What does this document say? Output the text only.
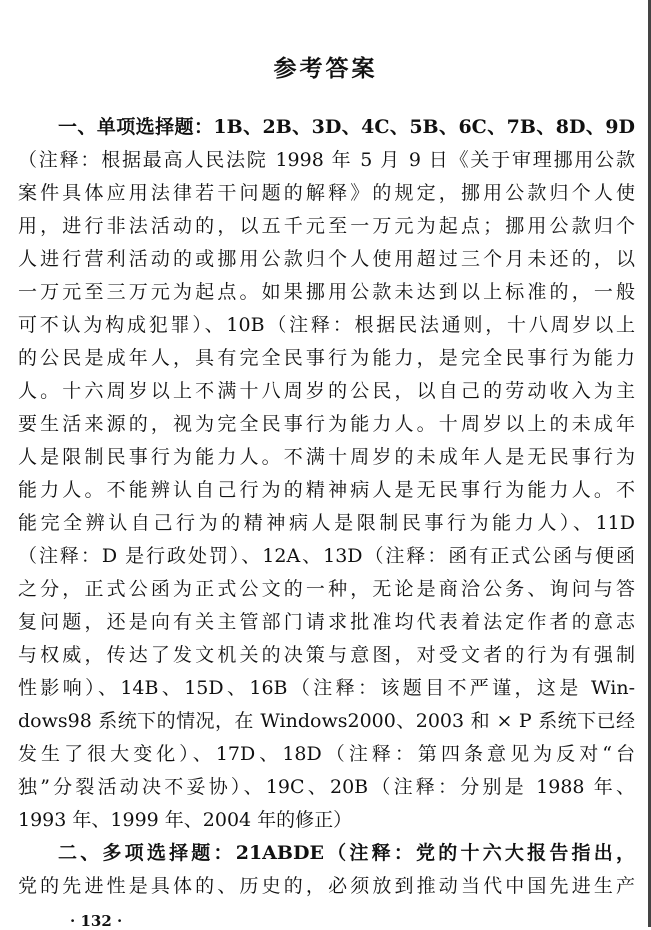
参考答案
一、单项选择题：1B、2B、3D、4C、5B、6C、7B、8D、9D
（注释：根据最高人民法院 1998 年 5 月 9 日《关于审理挪用公款
案件具体应用法律若干问题的解释》的规定，挪用公款归个人使
用，进行非法活动的，以五千元至一万元为起点；挪用公款归个
人进行营利活动的或挪用公款归个人使用超过三个月未还的，以
一万元至三万元为起点。如果挪用公款未达到以上标准的，一般
可不认为构成犯罪）、10B（注释：根据民法通则，十八周岁以上
的公民是成年人，具有完全民事行为能力，是完全民事行为能力
人。十六周岁以上不满十八周岁的公民，以自己的劳动收入为主
要生活来源的，视为完全民事行为能力人。十周岁以上的未成年
人是限制民事行为能力人。不满十周岁的未成年人是无民事行为
能力人。不能辨认自己行为的精神病人是无民事行为能力人。不
能完全辨认自己行为的精神病人是限制民事行为能力人）、11D
（注释：D 是行政处罚）、12A、13D（注释：函有正式公函与便函
之分，正式公函为正式公文的一种，无论是商洽公务、询问与答
复问题，还是向有关主管部门请求批准均代表着法定作者的意志
与权威，传达了发文机关的决策与意图，对受文者的行为有强制
性影响）、14B、15D、16B（注释：该题目不严谨，这是 Win-
dows98 系统下的情况，在 Windows2000、2003 和 × P 系统下已经
发生了很大变化）、17D、18D（注释：第四条意见为反对“台
独”分裂活动决不妥协）、19C、20B（注释：分别是 1988 年、
1993 年、1999 年、2004 年的修正）
二、多项选择题：21ABDE（注释：党的十六大报告指出，
党的先进性是具体的、历史的，必须放到推动当代中国先进生产
· 132 ·
